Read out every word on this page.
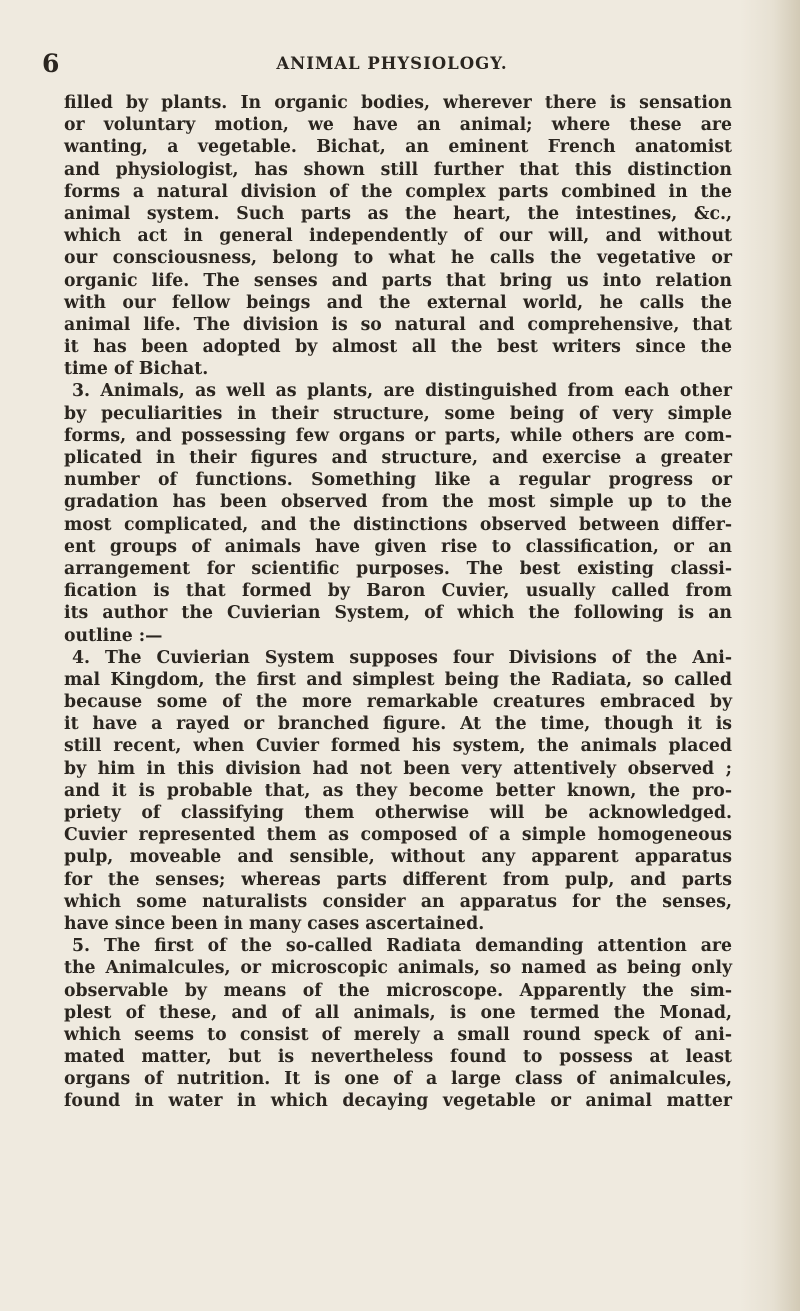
6	ANIMAL PHYSIOLOGY.
filled by plants. In organic bodies, wherever there is sensation
or voluntary motion, we have an animal; where these are
wanting, a vegetable. Bichat, an eminent French anatomist
and physiologist, has shown still further that this distinction
forms a natural division of the complex parts combined in the
animal system. Such parts as the heart, the intestines, &c.,
which act in general independently of our will, and without
our consciousness, belong to what he calls the vegetative or
organic life. The senses and parts that bring us into relation
with our fellow beings and the external world, he calls the
animal life. The division is so natural and comprehensive, that
it has been adopted by almost all the best writers since the
time of Bichat.
3. Animals, as well as plants, are distinguished from each other
by peculiarities in their structure, some being of very simple
forms, and possessing few organs or parts, while others are com-
plicated in their figures and structure, and exercise a greater
number of functions. Something like a regular progress or
gradation has been observed from the most simple up to the
most complicated, and the distinctions observed between differ-
ent groups of animals have given rise to classification, or an
arrangement for scientific purposes. The best existing classi-
fication is that formed by Baron Cuvier, usually called from
its author the Cuvierian System, of which the following is an
outline :—
4. The Cuvierian System supposes four Divisions of the Ani-
mal Kingdom, the first and simplest being the Radiata, so called
because some of the more remarkable creatures embraced by
it have a rayed or branched figure. At the time, though it is
still recent, when Cuvier formed his system, the animals placed
by him in this division had not been very attentively observed ;
and it is probable that, as they become better known, the pro-
priety of classifying them otherwise will be acknowledged.
Cuvier represented them as composed of a simple homogeneous
pulp, moveable and sensible, without any apparent apparatus
for the senses; whereas parts different from pulp, and parts
which some naturalists consider an apparatus for the senses,
have since been in many cases ascertained.
5. The first of the so-called Radiata demanding attention are
the Animalcules, or microscopic animals, so named as being only
observable by means of the microscope. Apparently the sim-
plest of these, and of all animals, is one termed the Monad,
which seems to consist of merely a small round speck of ani-
mated matter, but is nevertheless found to possess at least
organs of nutrition. It is one of a large class of animalcules,
found in water in which decaying vegetable or animal matter
